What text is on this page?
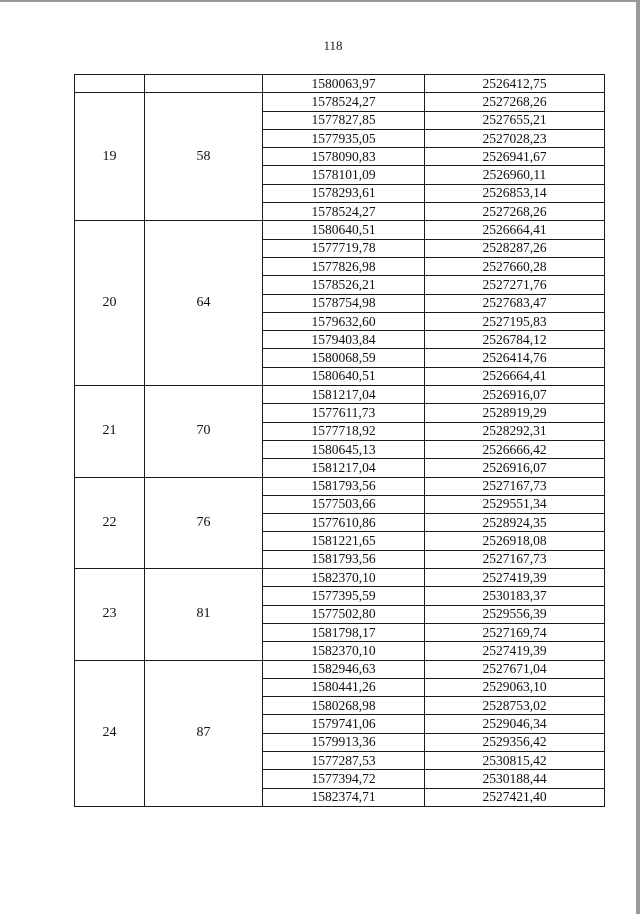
118
		1580063,97	2526412,75
19	58	1578524,27	2527268,26
		1577827,85	2527655,21
		1577935,05	2527028,23
		1578090,83	2526941,67
		1578101,09	2526960,11
		1578293,61	2526853,14
		1578524,27	2527268,26
20	64	1580640,51	2526664,41
		1577719,78	2528287,26
		1577826,98	2527660,28
		1578526,21	2527271,76
		1578754,98	2527683,47
		1579632,60	2527195,83
		1579403,84	2526784,12
		1580068,59	2526414,76
		1580640,51	2526664,41
21	70	1581217,04	2526916,07
		1577611,73	2528919,29
		1577718,92	2528292,31
		1580645,13	2526666,42
		1581217,04	2526916,07
22	76	1581793,56	2527167,73
		1577503,66	2529551,34
		1577610,86	2528924,35
		1581221,65	2526918,08
		1581793,56	2527167,73
23	81	1582370,10	2527419,39
		1577395,59	2530183,37
		1577502,80	2529556,39
		1581798,17	2527169,74
		1582370,10	2527419,39
24	87	1582946,63	2527671,04
		1580441,26	2529063,10
		1580268,98	2528753,02
		1579741,06	2529046,34
		1579913,36	2529356,42
		1577287,53	2530815,42
		1577394,72	2530188,44
		1582374,71	2527421,40
